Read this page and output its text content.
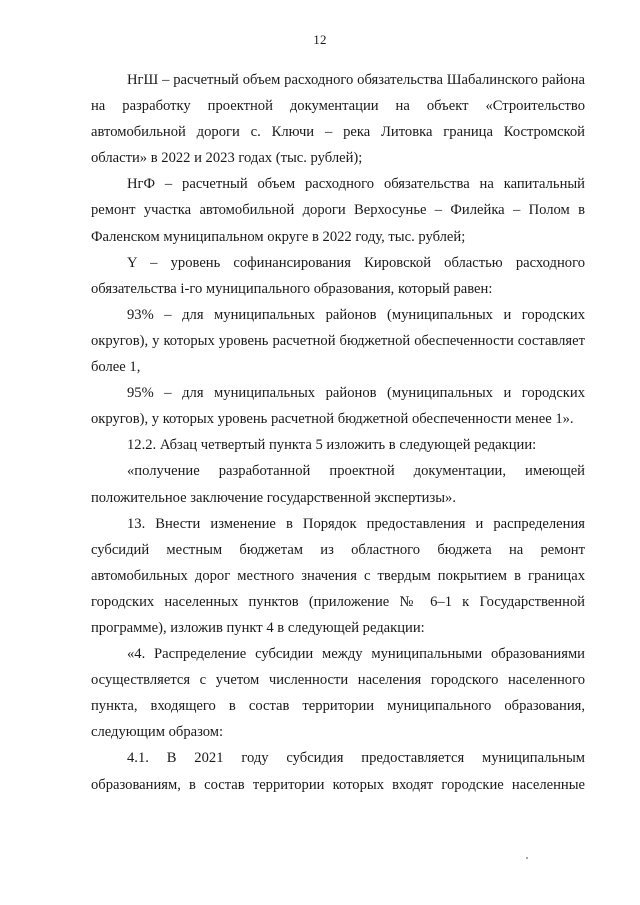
12

НгШ – расчетный объем расходного обязательства Шабалинского района на разработку проектной документации на объект «Строительство автомобильной дороги с. Ключи – река Литовка граница Костромской области» в 2022 и 2023 годах (тыс. рублей);

НгФ – расчетный объем расходного обязательства на капитальный ремонт участка автомобильной дороги Верхосунье – Филейка – Полом в Фаленском муниципальном округе в 2022 году, тыс. рублей;

Y – уровень софинансирования Кировской областью расходного обязательства i-го муниципального образования, который равен:

93% – для муниципальных районов (муниципальных и городских округов), у которых уровень расчетной бюджетной обеспеченности составляет более 1,

95% – для муниципальных районов (муниципальных и городских округов), у которых уровень расчетной бюджетной обеспеченности менее 1».

12.2. Абзац четвертый пункта 5 изложить в следующей редакции:

«получение разработанной проектной документации, имеющей положительное заключение государственной экспертизы».

13. Внести изменение в Порядок предоставления и распределения субсидий местным бюджетам из областного бюджета на ремонт автомобильных дорог местного значения с твердым покрытием в границах городских населенных пунктов (приложение № 6–1 к Государственной программе), изложив пункт 4 в следующей редакции:

«4. Распределение субсидии между муниципальными образованиями осуществляется с учетом численности населения городского населенного пункта, входящего в состав территории муниципального образования, следующим образом:

4.1. В 2021 году субсидия предоставляется муниципальным образованиям, в состав территории которых входят городские населенные
